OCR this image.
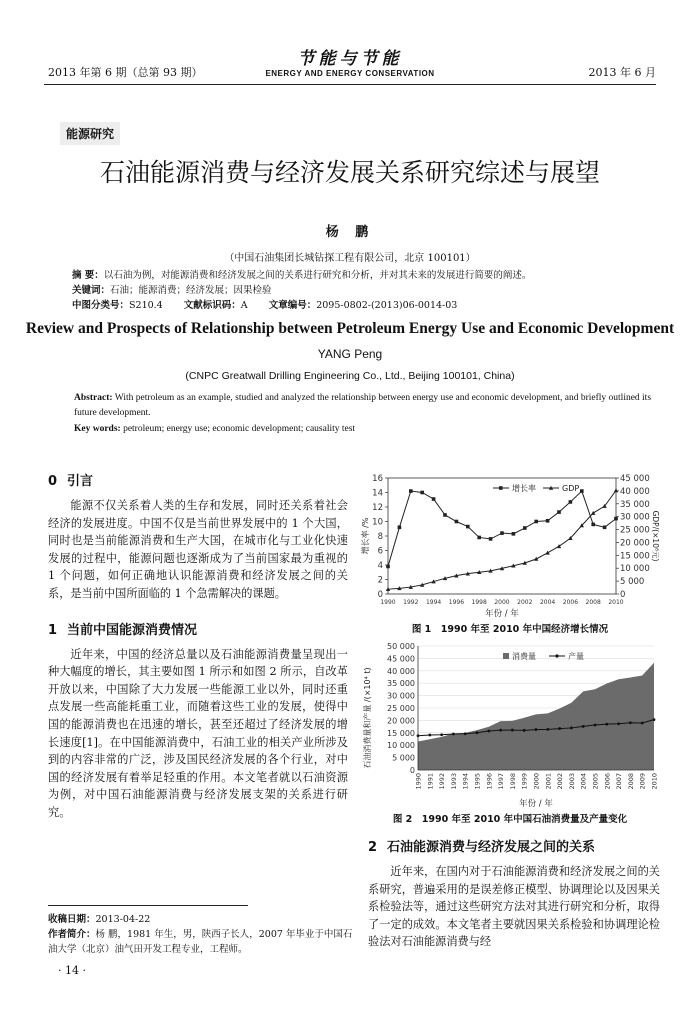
2013 年第 6 期（总第 93 期）
节能与节能
ENERGY AND ENERGY CONSERVATION	2013 年 6 月
能源研究
石油能源消费与经济发展关系研究综述与展望
杨 鹏
（中国石油集团长城钻探工程有限公司，北京 100101）
摘 要：以石油为例，对能源消费和经济发展之间的关系进行研究和分析，并对其未来的发展进行简要的阐述。
关键词：石油；能源消费；经济发展；因果检验
中图分类号：S210.4 文献标识码：A 文章编号：2095-0802-(2013)06-0014-03
Review and Prospects of Relationship between Petroleum Energy Use and Economic Development
YANG Peng
(CNPC Greatwall Drilling Engineering Co., Ltd., Beijing 100101, China)
Abstract: With petroleum as an example, studied and analyzed the relationship between energy use and economic development, and briefly outlined its future development.
Key words: petroleum; energy use; economic development; causality test
0 引言

能源不仅关系着人类的生存和发展，同时还关系着社会经济的发展进度。中国不仅是当前世界发展中的 1 个大国，同时也是当前能源消费和生产大国，在城市化与工业化快速发展的过程中，能源问题也逐渐成为了当前国家最为重视的 1 个问题，如何正确地认识能源消费和经济发展之间的关系，是当前中国所面临的 1 个急需解决的课题。

1 当前中国能源消费情况

近年来，中国的经济总量以及石油能源消费量呈现出一种大幅度的增长，其主要如图 1 所示和如图 2 所示，自改革开放以来，中国除了大力发展一些能源工业以外，同时还重点发展一些高能耗重工业，而随着这些工业的发展，使得中国的能源消费也在迅速的增长，甚至还超过了经济发展的增长速度[1]。在中国能源消费中，石油工业的相关产业所涉及到的内容非常的广泛，涉及国民经济发展的各个行业，对中国的经济发展有着举足轻重的作用。本文笔者就以石油资源为例，对中国石油能源消费与经济发展支架的关系进行研究。

收稿日期：2013-04-22
作者简介：杨 鹏，1981 年生，男，陕西子长人，2007 年毕业于中国石油大学（北京）油气田开发工程专业，工程师。
· 14 ·
0
2
4
6
8
10
12
14
16
0
5 000
10 000
15 000
20 000
25 000
30 000
35 000
40 000
45 000
1990 1992 1994 1996 1998 2000 2002 2004 2006 2008 2010
年份 / 年
增长率 /%	GDP/(×10⁸元)
增长率	GDP
图 1　1990 年至 2010 年中国经济增长情况
0
5 000
10 000
15 000
20 000
25 000
30 000
35 000
40 000
45 000
50 000
1990 1991 1992 1993 1994 1995 1996 1997 1998 1999 2000 2001 2002 2003 2004 2005 2006 2007 2008 2009 2010
年份 / 年
石油消费量和产量 /(×10⁴ t)
消费量	产量
图 2　1990 年至 2010 年中国石油消费量及产量变化
2 石油能源消费与经济发展之间的关系

近年来，在国内对于石油能源消费和经济发展之间的关系研究，普遍采用的是误差修正模型、协调理论以及因果关系检验法等，通过这些研究方法对其进行研究和分析，取得了一定的成效。本文笔者主要就因果关系检验和协调理论检验法对石油能源消费与经
